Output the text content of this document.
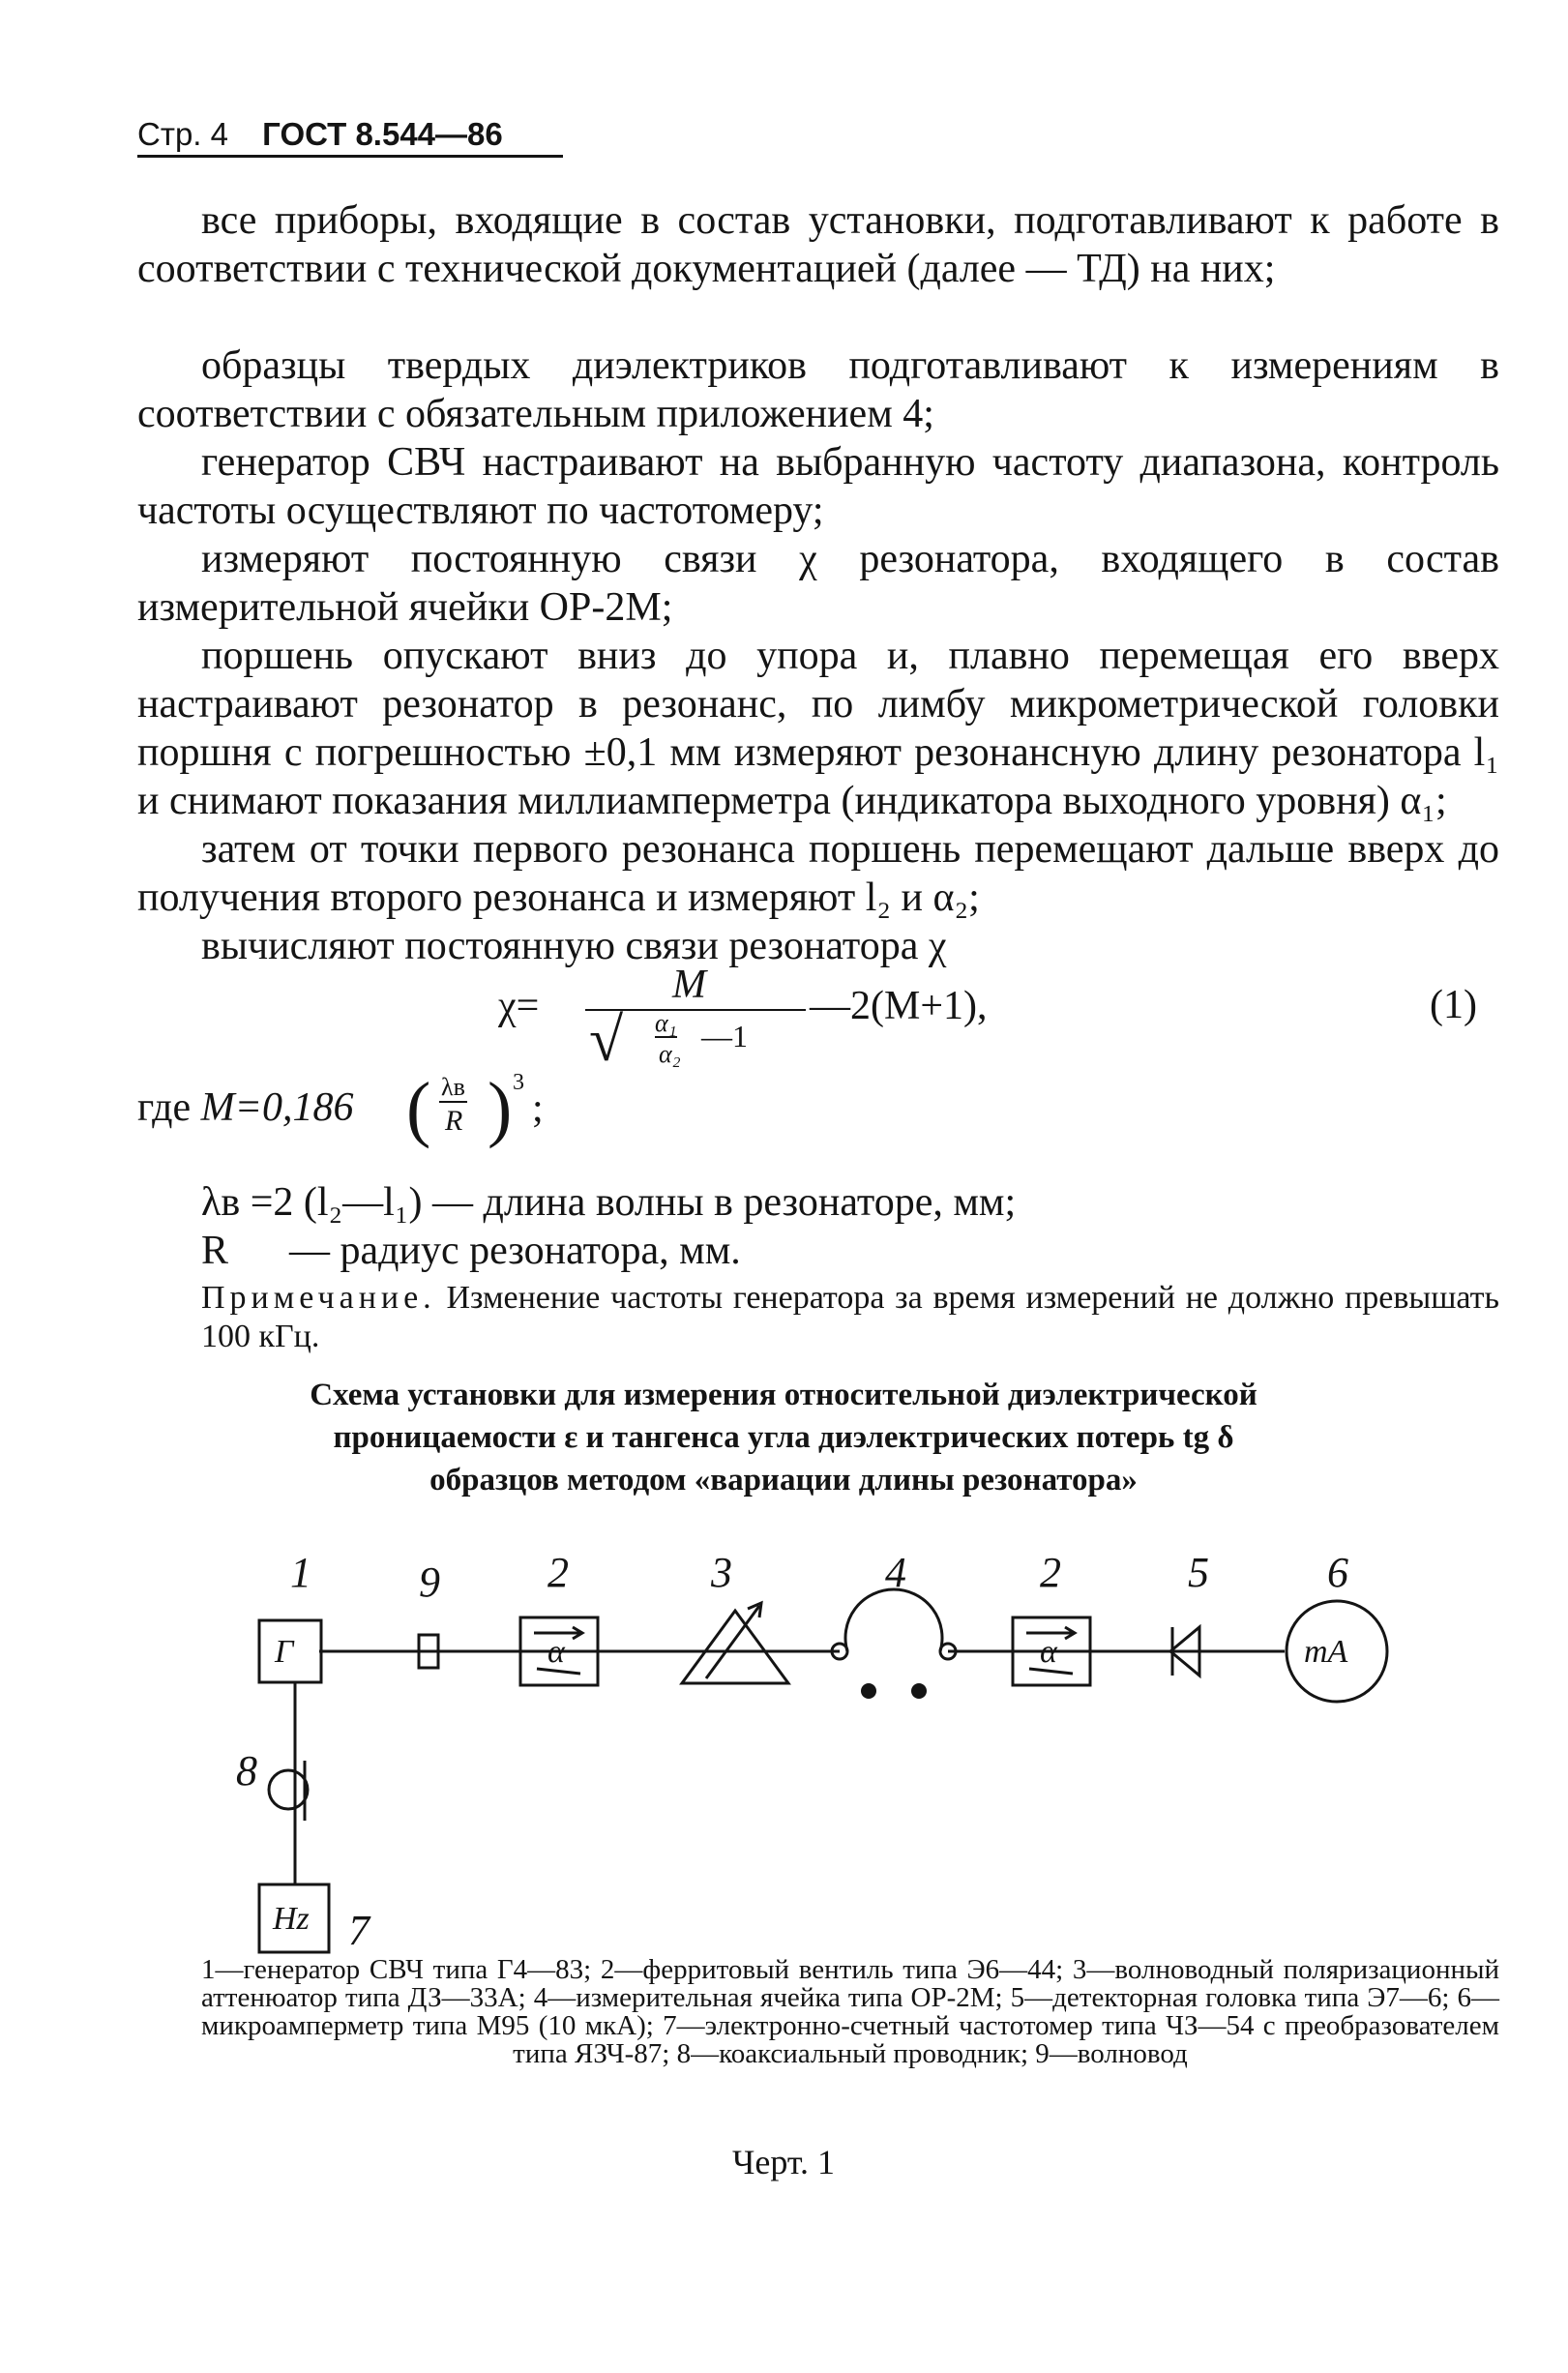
Стр. 4 ГОСТ 8.544—86

все приборы, входящие в состав установки, подготавливают к работе в соответствии с технической документацией (далее — ТД) на них;

образцы твердых диэлектриков подготавливают к измерениям в соответствии с обязательным приложением 4;

генератор СВЧ настраивают на выбранную частоту диапазона, контроль частоты осуществляют по частотомеру;

измеряют постоянную связи χ резонатора, входящего в состав измерительной ячейки ОР-2М;

поршень опускают вниз до упора и, плавно перемещая его вверх настраивают резонатор в резонанс, по лимбу микрометрической головки поршня с погрешностью ±0,1 мм измеряют резонансную длину резонатора l₁ и снимают показания миллиамперметра (индикатора выходного уровня) α₁;

затем от точки первого резонанса поршень перемещают дальше вверх до получения второго резонанса и измеряют l₂ и α₂;

вычисляют постоянную связи резонатора χ

χ=	M
√ α₁
α₂
—1
—2(M+1),	(1)
где M=0,186 ( λв
R ) 3
;
λв =2 (l₂—l₁) — длина волны в резонаторе, мм;
R      — радиус резонатора, мм.
Примечание. Изменение частоты генератора за время измерений не должно превышать 100 кГц.
Схема установки для измерения относительной диэлектрической
проницаемости ε и тангенса угла диэлектрических потерь tg δ
образцов методом «вариации длины резонатора»
Г	α	α	mA
Hz
1	9	2	3	4	2	5	6
8
7
1—генератор СВЧ типа Г4—83; 2—ферритовый вентиль типа Э6—44; 3—волноводный поляризационный аттенюатор типа ДЗ—33А; 4—измерительная ячейка типа ОР-2М; 5—детекторная головка типа Э7—6; 6—микроамперметр типа М95 (10 мкА); 7—электронно-счетный частотомер типа ЧЗ—54 с преобразователем типа ЯЗЧ-87; 8—коаксиальный проводник; 9—волновод
Черт. 1
